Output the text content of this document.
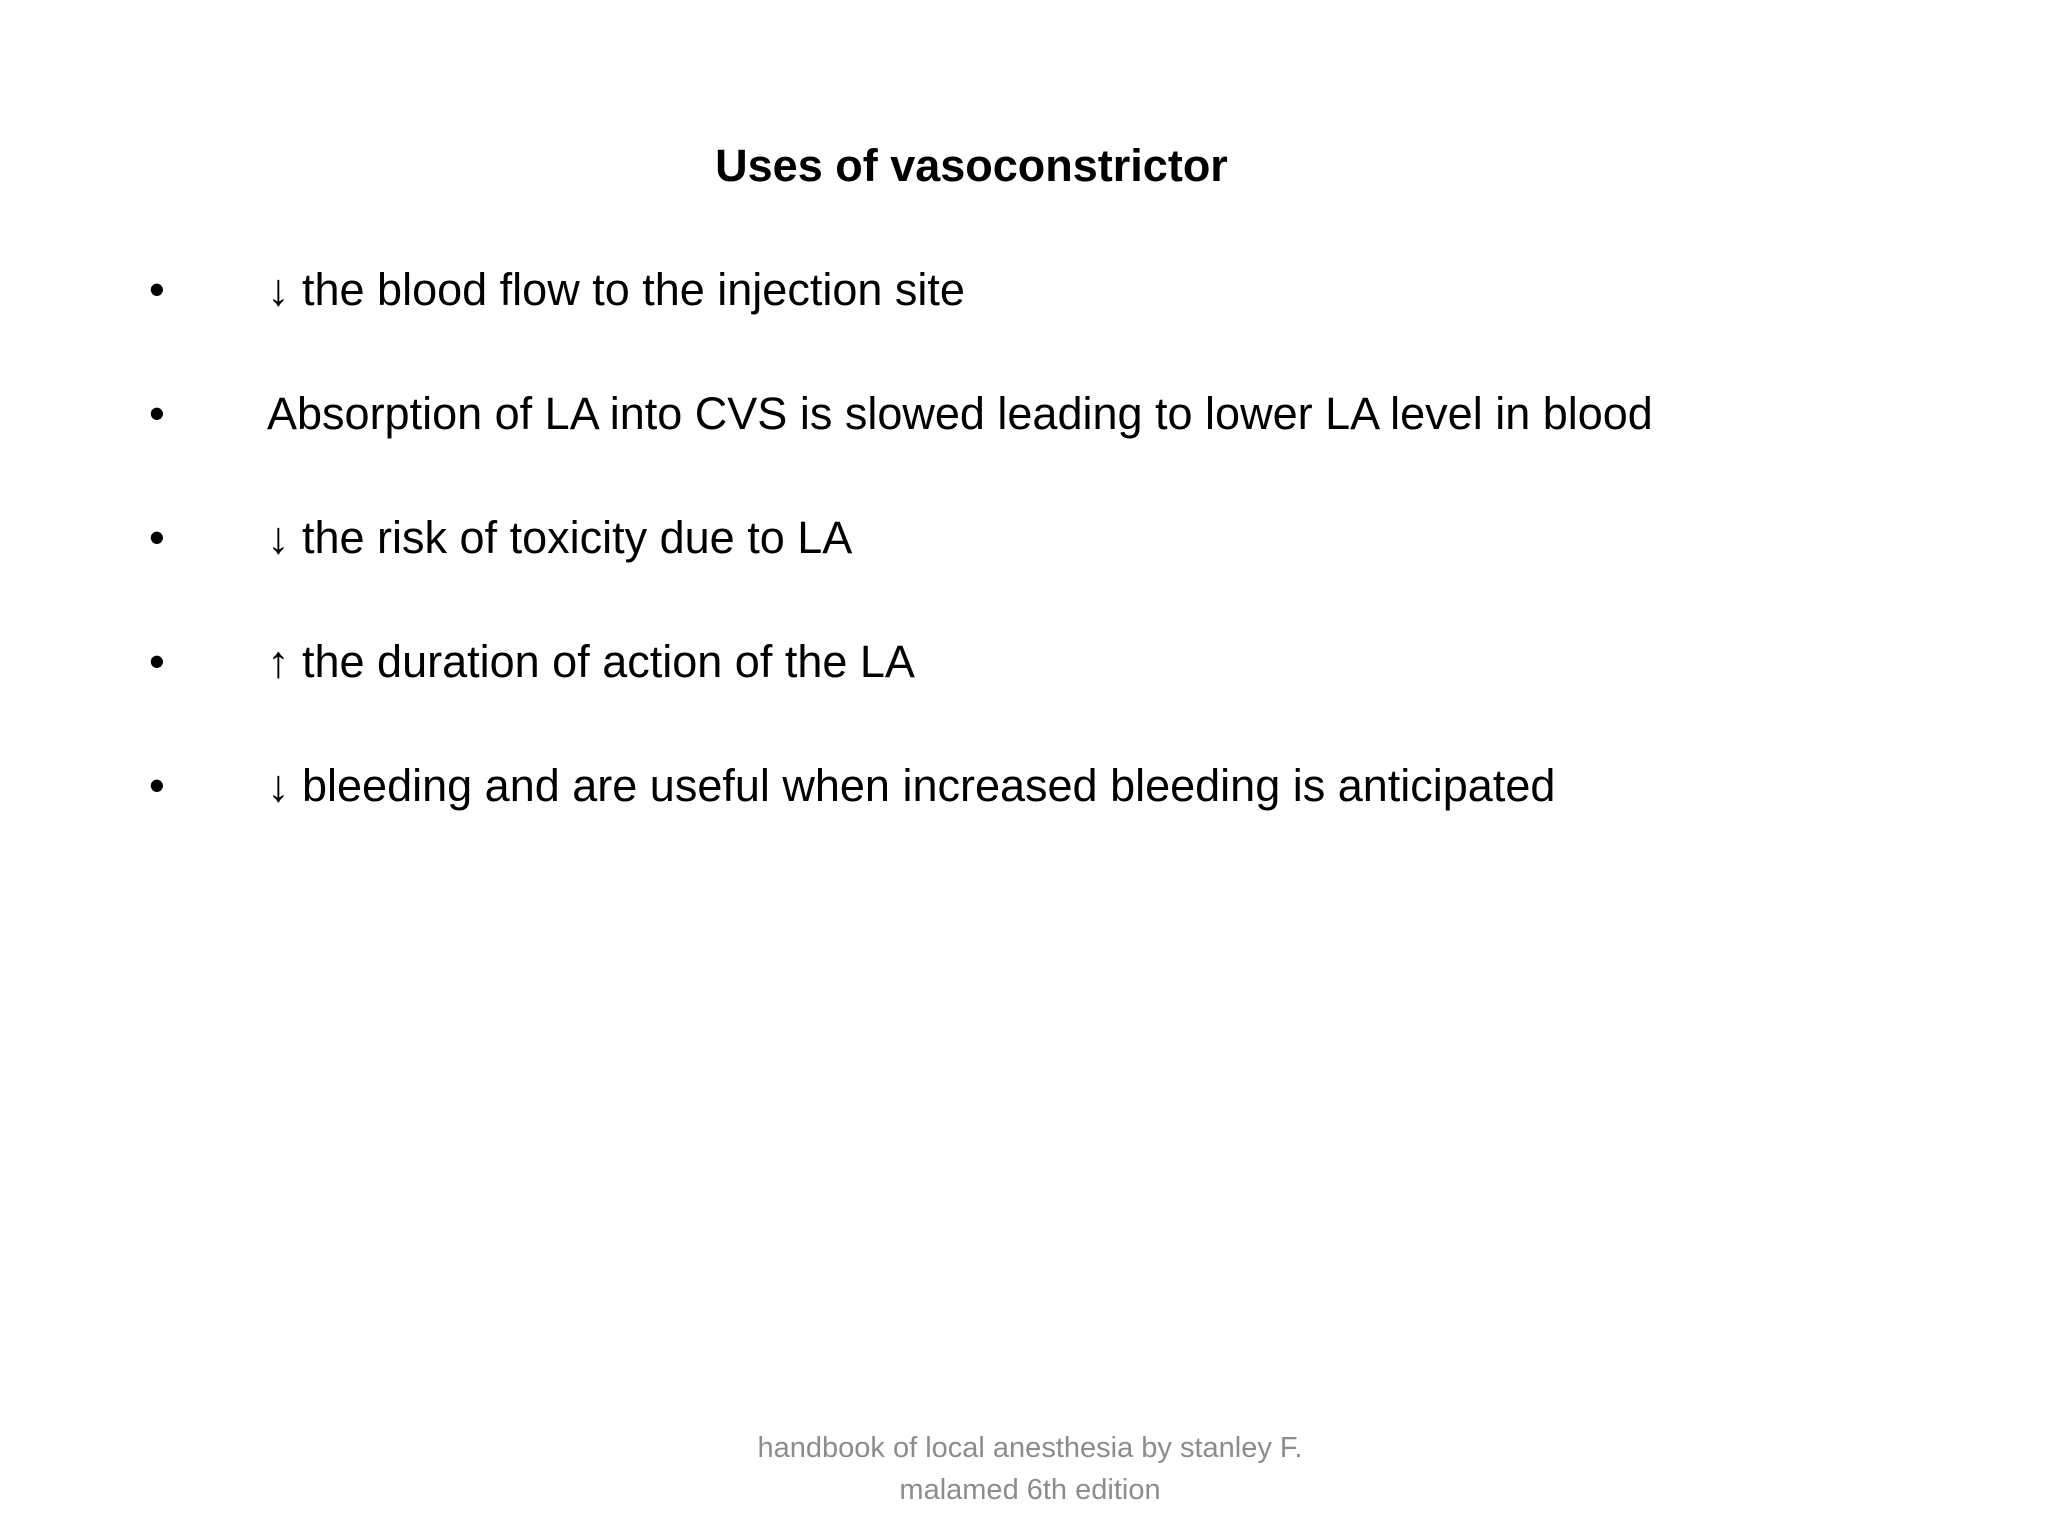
Uses of vasoconstrictor
• ↓ the blood flow to the injection site
• Absorption of LA into CVS is slowed leading to lower LA level in blood
• ↓ the risk of toxicity due to LA
• ↑ the duration of action of the LA
• ↓ bleeding and are useful when increased bleeding is anticipated
handbook of local anesthesia by stanley F.
malamed 6th edition
